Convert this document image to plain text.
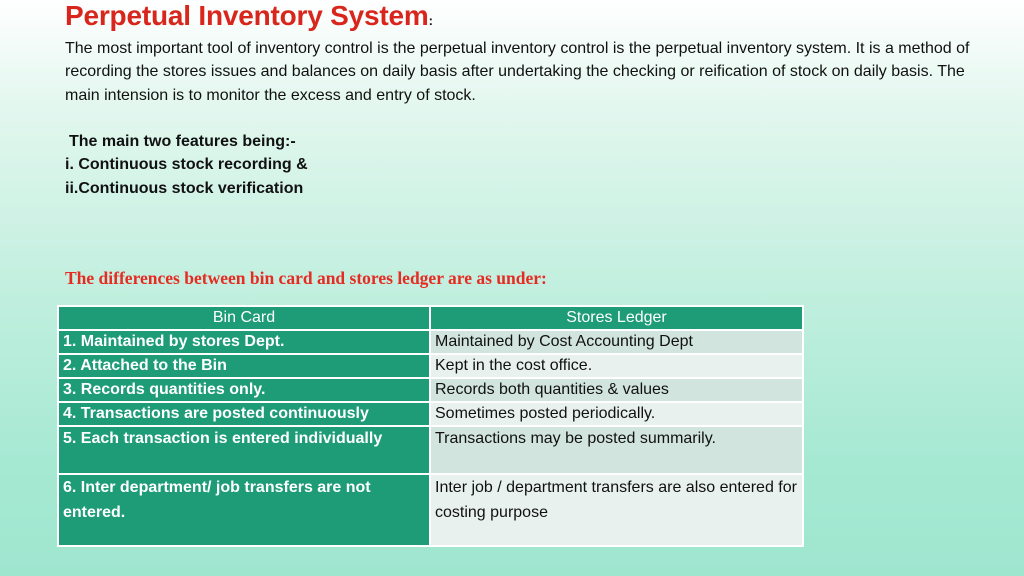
Perpetual Inventory System:

The most important tool of inventory control is the perpetual inventory control is the perpetual inventory system. It is a method of recording the stores issues and balances on daily basis after undertaking the checking or reification of stock on daily basis. The main intension is to monitor the excess and entry of stock.

The main two features being:-
i. Continuous stock recording &
ii.Continuous stock verification
The differences between bin card and stores ledger are as under:
Bin Card	Stores Ledger
1. Maintained by stores Dept.	Maintained by Cost Accounting Dept
2. Attached to the Bin	Kept in the cost office.
3. Records quantities only.	Records both quantities & values
4. Transactions are posted continuously	Sometimes posted periodically.
5. Each transaction is entered individually	Transactions may be posted summarily.
6. Inter department/ job transfers are not entered.	Inter job / department transfers are also entered for costing purpose
